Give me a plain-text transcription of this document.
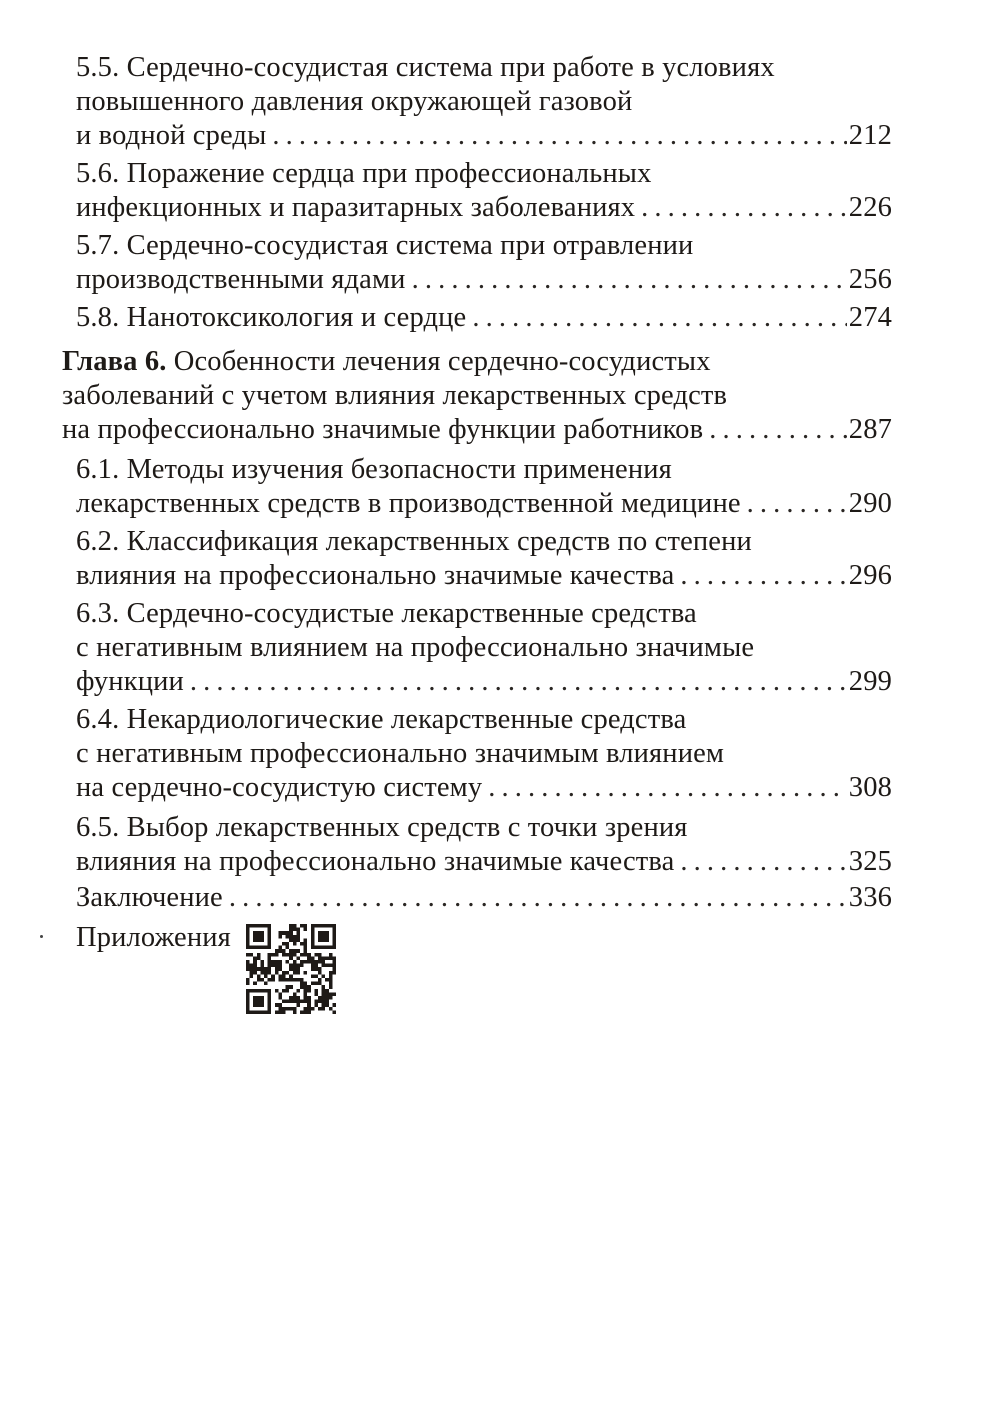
5.5. Сердечно-сосудистая система при работе в условиях
повышенного давления окружающей газовой
и водной среды . . .	212
5.6. Поражение сердца при профессиональных
инфекционных и паразитарных заболеваниях . . .	226
5.7. Сердечно-сосудистая система при отравлении
производственными ядами . . .	256
5.8. Нанотоксикология и сердце . . .	274
Глава 6. Особенности лечения сердечно-сосудистых
заболеваний с учетом влияния лекарственных средств
на профессионально значимые функции работников . . .	287
6.1. Методы изучения безопасности применения
лекарственных средств в производственной медицине . . .	290
6.2. Классификация лекарственных средств по степени
влияния на профессионально значимые качества . . .	296
6.3. Сердечно-сосудистые лекарственные средства
с негативным влиянием на профессионально значимые
функции . . .	299
6.4. Некардиологические лекарственные средства
с негативным профессионально значимым влиянием
на сердечно-сосудистую систему . . .	308
6.5. Выбор лекарственных средств с точки зрения
влияния на профессионально значимые качества . . .	325
Заключение . . .	336
Приложения
